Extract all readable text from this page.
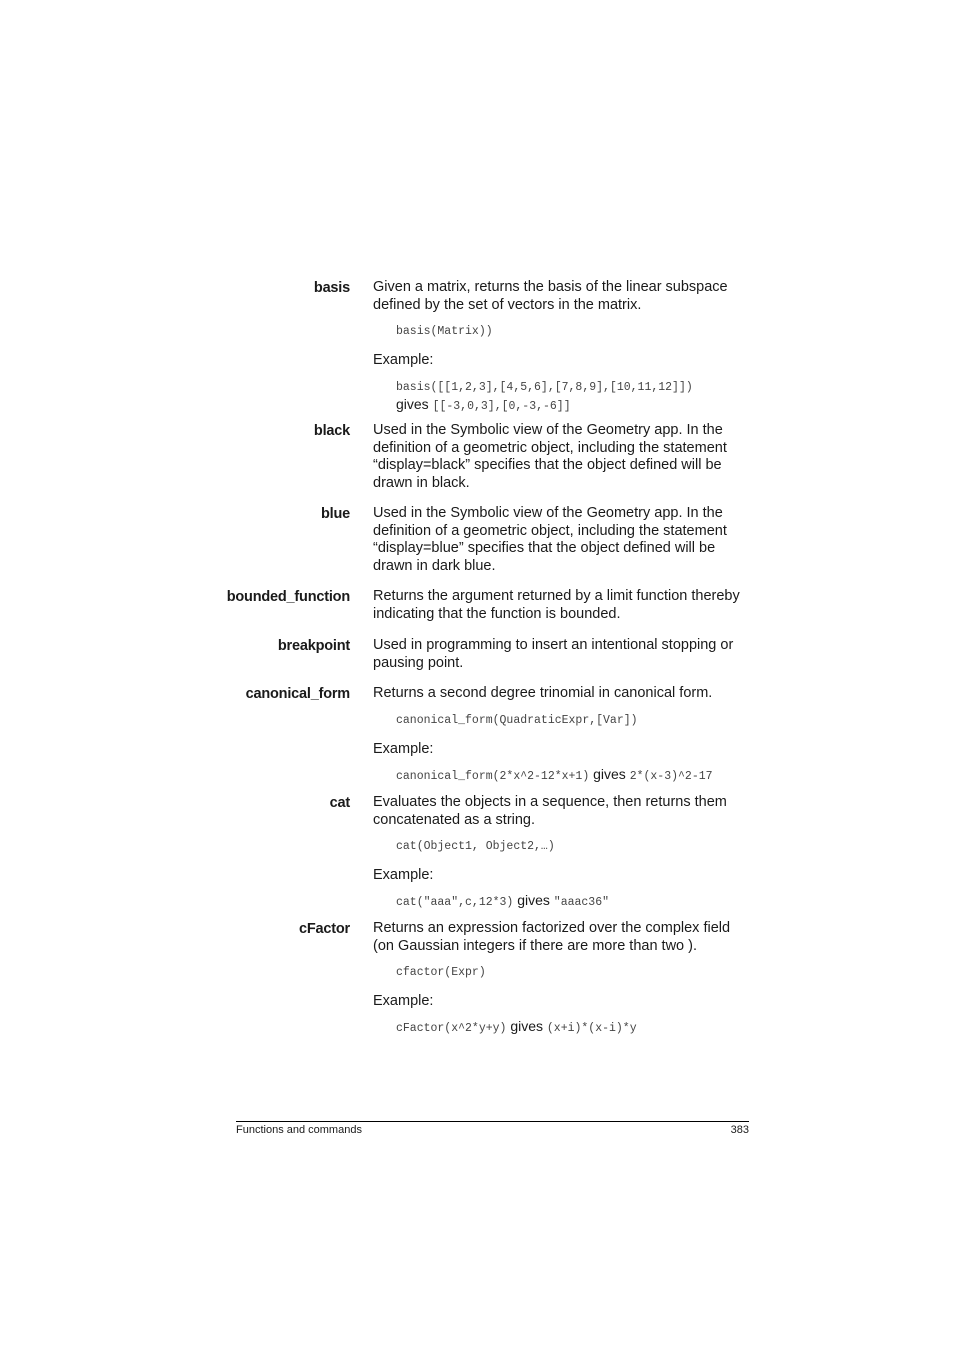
basis Given a matrix, returns the basis of the linear subspace defined by the set of vectors in the matrix.

basis(Matrix))
Example:
basis([[1,2,3],[4,5,6],[7,8,9],[10,11,12]])
gives [[-3,0,3],[0,-3,-6]]
black Used in the Symbolic view of the Geometry app. In the definition of a geometric object, including the statement “display=black” specifies that the object defined will be drawn in black.

blue Used in the Symbolic view of the Geometry app. In the definition of a geometric object, including the statement “display=blue” specifies that the object defined will be drawn in dark blue.

bounded_function Returns the argument returned by a limit function thereby indicating that the function is bounded.

breakpoint Used in programming to insert an intentional stopping or pausing point.

canonical_form Returns a second degree trinomial in canonical form.

canonical_form(QuadraticExpr,[Var])
Example:
canonical_form(2*x^2-12*x+1) gives 2*(x-3)^2-17
cat Evaluates the objects in a sequence, then returns them concatenated as a string.

cat(Object1, Object2,…)
Example:
cat("aaa",c,12*3) gives "aaac36"
cFactor Returns an expression factorized over the complex field (on Gaussian integers if there are more than two ).

cfactor(Expr)
Example:
cFactor(x^2*y+y) gives (x+i)*(x-i)*y
Functions and commands	383
